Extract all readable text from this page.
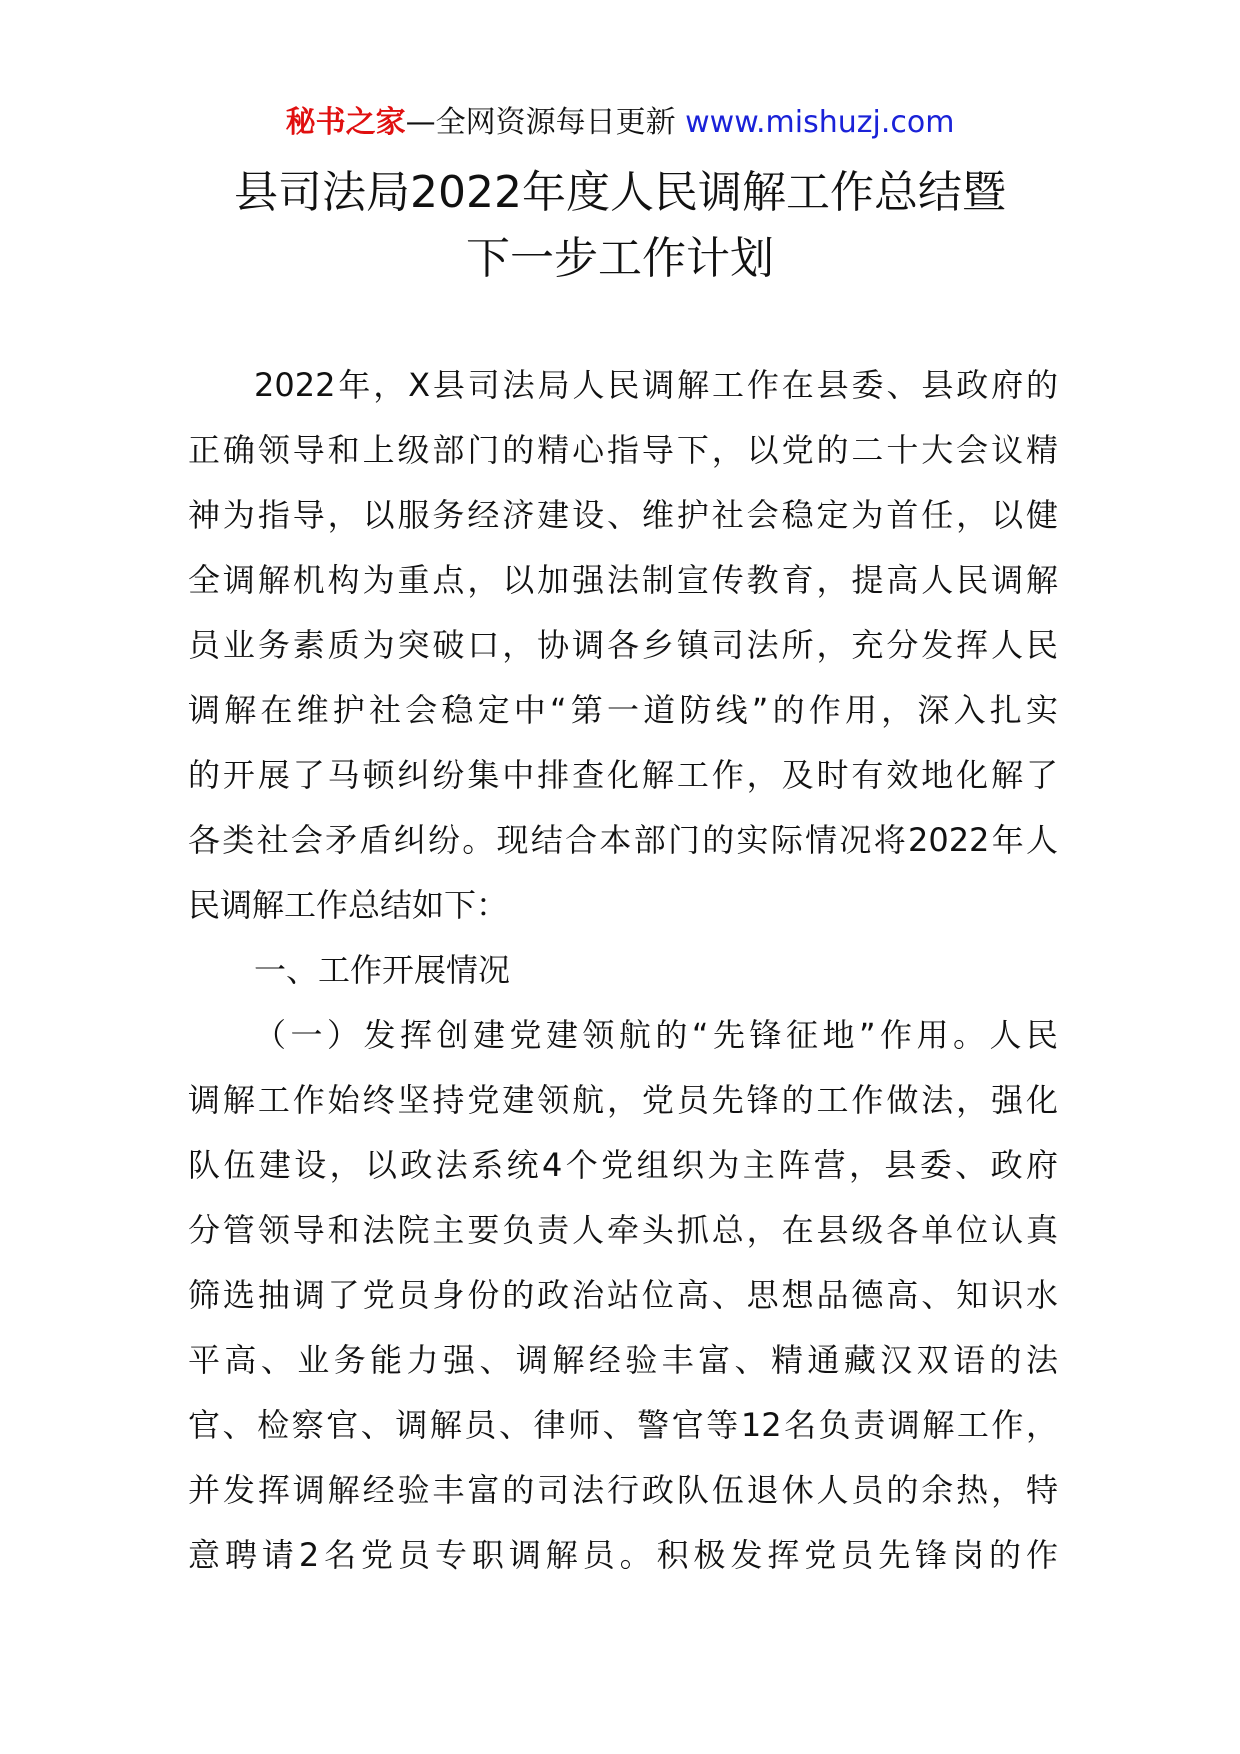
秘书之家—全网资源每日更新 www.mishuzj.com
县司法局2022年度人民调解工作总结暨
下一步工作计划
2022年，X县司法局人民调解工作在县委、县政府的
正确领导和上级部门的精心指导下，以党的二十大会议精
神为指导，以服务经济建设、维护社会稳定为首任，以健
全调解机构为重点，以加强法制宣传教育，提高人民调解
员业务素质为突破口，协调各乡镇司法所，充分发挥人民
调解在维护社会稳定中“第一道防线”的作用，深入扎实
的开展了马顿纠纷集中排查化解工作，及时有效地化解了
各类社会矛盾纠纷。现结合本部门的实际情况将2022年人
民调解工作总结如下：
一、工作开展情况
（一）发挥创建党建领航的“先锋征地”作用。人民
调解工作始终坚持党建领航，党员先锋的工作做法，强化
队伍建设，以政法系统4个党组织为主阵营，县委、政府
分管领导和法院主要负责人牵头抓总，在县级各单位认真
筛选抽调了党员身份的政治站位高、思想品德高、知识水
平高、业务能力强、调解经验丰富、精通藏汉双语的法
官、检察官、调解员、律师、警官等12名负责调解工作，
并发挥调解经验丰富的司法行政队伍退休人员的余热，特
意聘请2名党员专职调解员。积极发挥党员先锋岗的作
